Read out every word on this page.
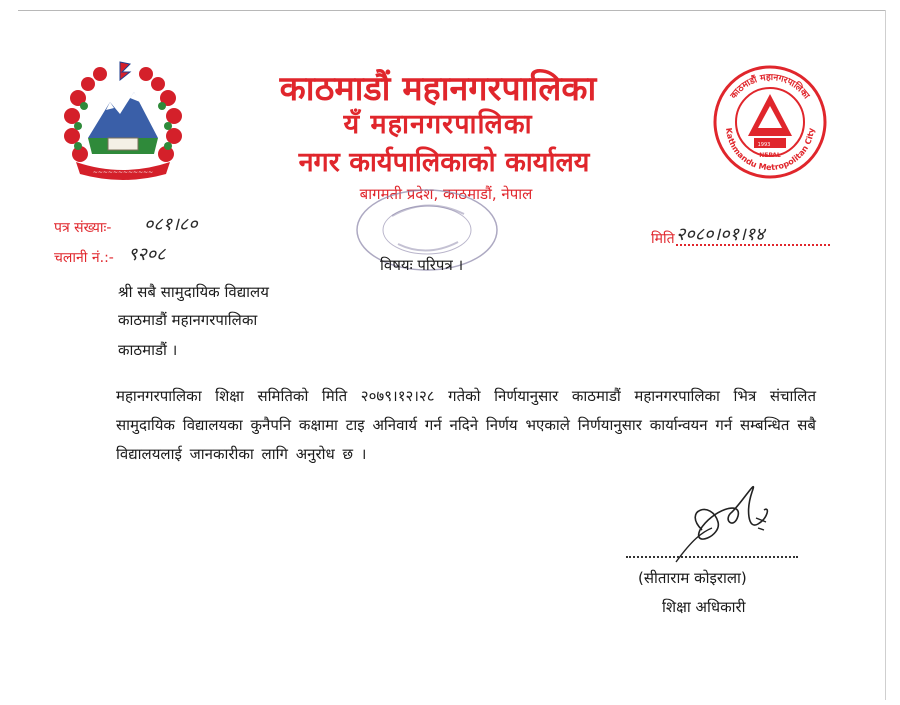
~~~~~~~~~~~~
काठमाडौं महानगरपालिका
यँ महानगरपालिका
नगर कार्यपालिकाको कार्यालय
बागमती प्रदेश, काठमाडौं, नेपाल
काठमाडौं महानगरपालिका
Kathmandu Metropolitan City
1993
NEPAL
पत्र संख्याः- ०८१।८०
चलानी नं.:- ९२०८
मिति २०८०।०१।१४
विषयः परिपत्र ।
श्री सबै सामुदायिक विद्यालय
काठमाडौं महानगरपालिका
काठमाडौं ।
महानगरपालिका शिक्षा समितिको मिति २०७९।१२।२८ गतेको निर्णयानुसार काठमाडौं महानगरपालिका भित्र संचालित सामुदायिक विद्यालयका कुनैपनि कक्षामा टाइ अनिवार्य गर्न नदिने निर्णय भएकाले निर्णयानुसार कार्यान्वयन गर्न सम्बन्धित सबै विद्यालयलाई जानकारीका लागि अनुरोध छ ।
(सीताराम कोइराला)
शिक्षा अधिकारी
